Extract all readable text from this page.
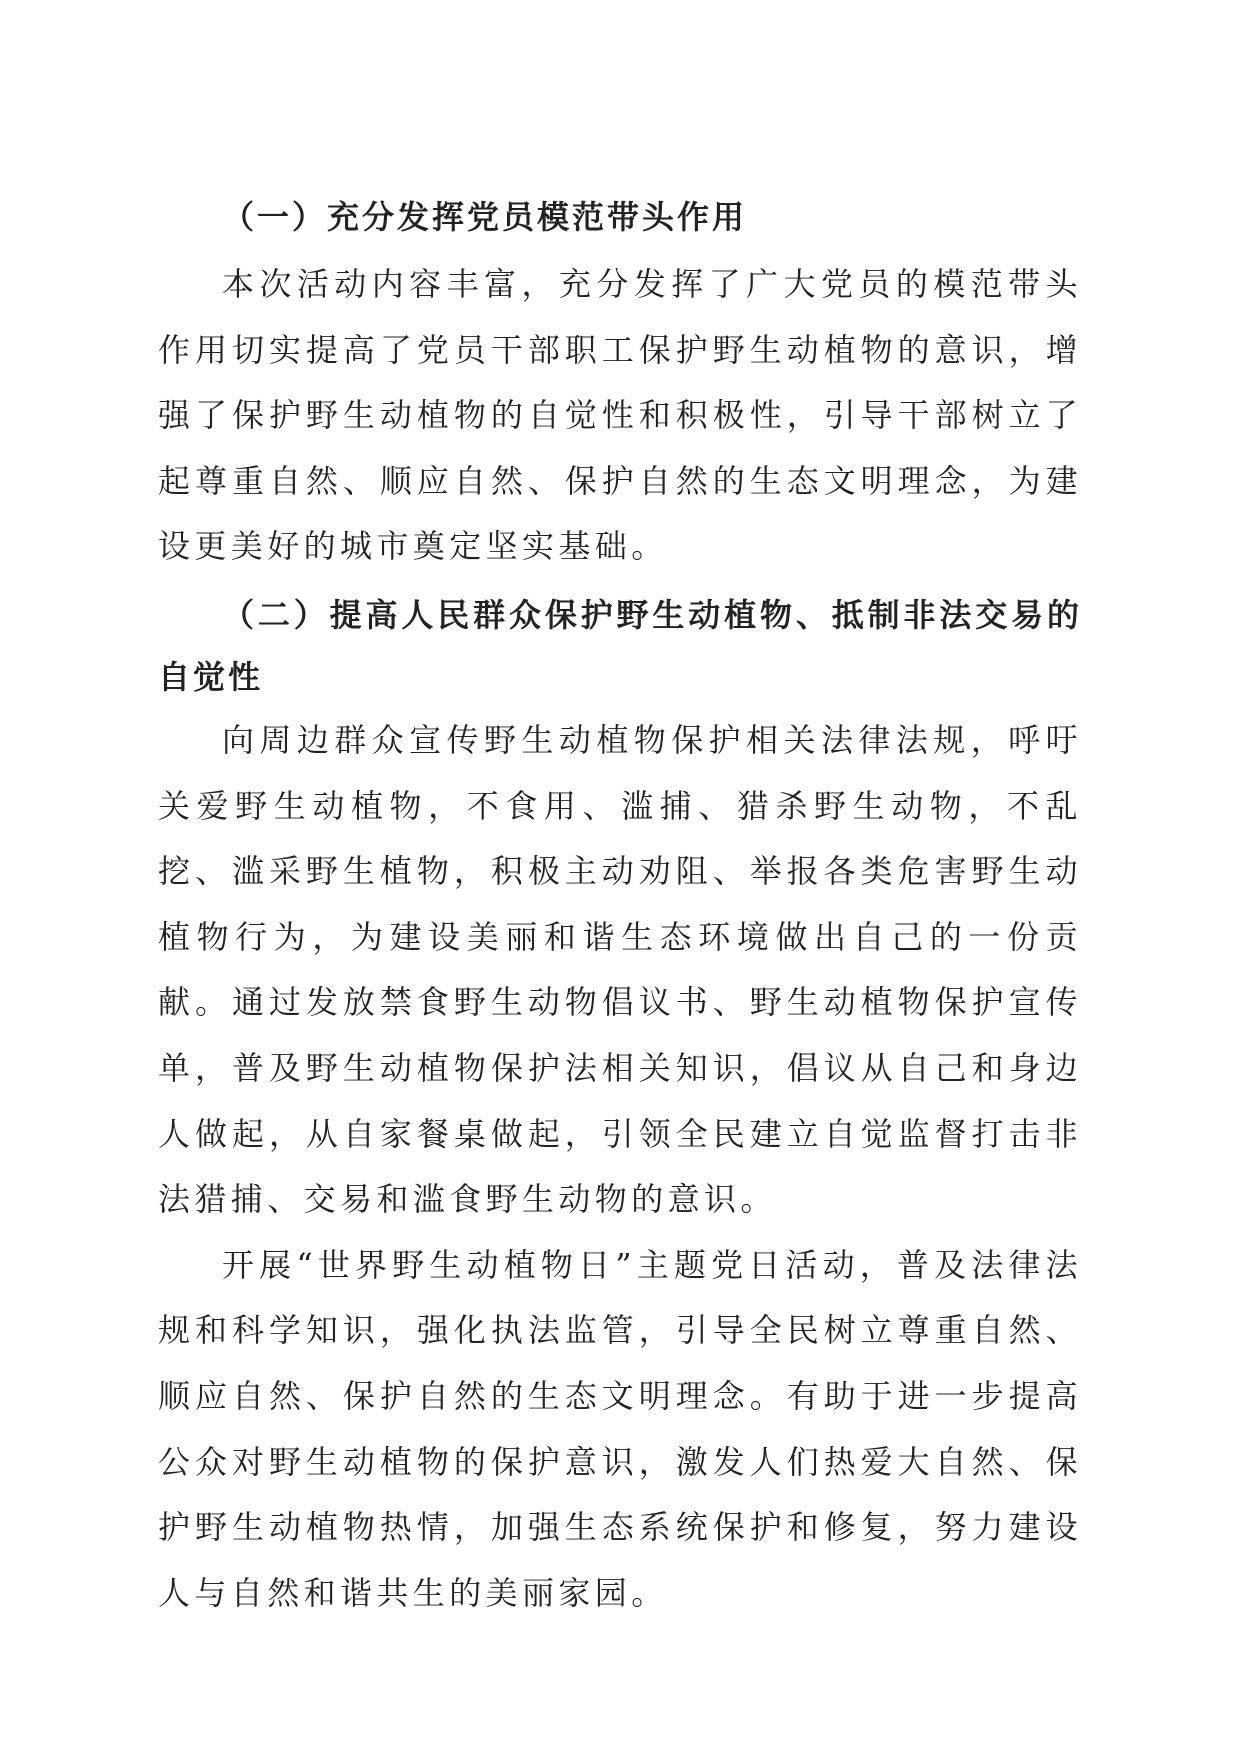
（一）充分发挥党员模范带头作用

本次活动内容丰富，充分发挥了广大党员的模范带头作用切实提高了党员干部职工保护野生动植物的意识，增强了保护野生动植物的自觉性和积极性，引导干部树立了起尊重自然、顺应自然、保护自然的生态文明理念，为建设更美好的城市奠定坚实基础。

（二）提高人民群众保护野生动植物、抵制非法交易的自觉性

向周边群众宣传野生动植物保护相关法律法规，呼吁关爱野生动植物，不食用、滥捕、猎杀野生动物，不乱挖、滥采野生植物，积极主动劝阻、举报各类危害野生动植物行为，为建设美丽和谐生态环境做出自己的一份贡献。通过发放禁食野生动物倡议书、野生动植物保护宣传单，普及野生动植物保护法相关知识，倡议从自己和身边人做起，从自家餐桌做起，引领全民建立自觉监督打击非法猎捕、交易和滥食野生动物的意识。

开展“世界野生动植物日”主题党日活动，普及法律法规和科学知识，强化执法监管，引导全民树立尊重自然、顺应自然、保护自然的生态文明理念。有助于进一步提高公众对野生动植物的保护意识，激发人们热爱大自然、保护野生动植物热情，加强生态系统保护和修复，努力建设人与自然和谐共生的美丽家园。
